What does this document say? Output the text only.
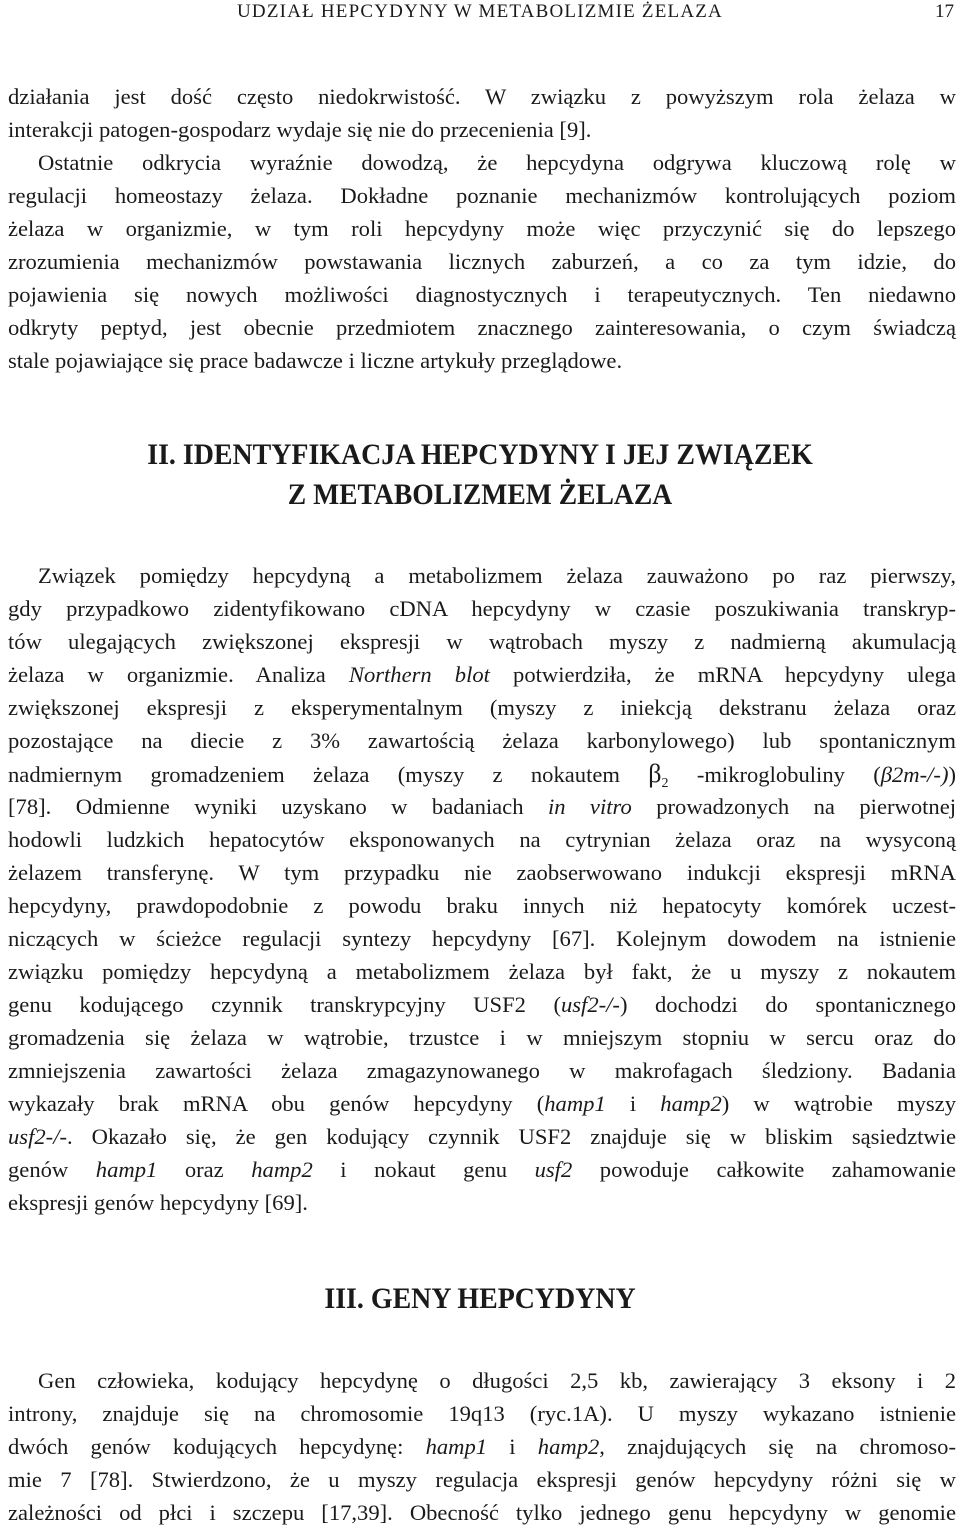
UDZIAŁ HEPCYDYNY W METABOLIZMIE ŻELAZA	17
działania jest dość często niedokrwistość. W związku z powyższym rola żelaza w
interakcji patogen-gospodarz wydaje się nie do przecenienia [9].
Ostatnie odkrycia wyraźnie dowodzą, że hepcydyna odgrywa kluczową rolę w
regulacji homeostazy żelaza. Dokładne poznanie mechanizmów kontrolujących poziom
żelaza w organizmie, w tym roli hepcydyny może więc przyczynić się do lepszego
zrozumienia mechanizmów powstawania licznych zaburzeń, a co za tym idzie, do
pojawienia się nowych możliwości diagnostycznych i terapeutycznych. Ten niedawno
odkryty peptyd, jest obecnie przedmiotem znacznego zainteresowania, o czym świadczą
stale pojawiające się prace badawcze i liczne artykuły przeglądowe.
II. IDENTYFIKACJA HEPCYDYNY I JEJ ZWIĄZEK
Z METABOLIZMEM ŻELAZA
Związek pomiędzy hepcydyną a metabolizmem żelaza zauważono po raz pierwszy,
gdy przypadkowo zidentyfikowano cDNA hepcydyny w czasie poszukiwania transkryp-
tów ulegających zwiększonej ekspresji w wątrobach myszy z nadmierną akumulacją
żelaza w organizmie. Analiza Northern blot potwierdziła, że mRNA hepcydyny ulega
zwiększonej ekspresji z eksperymentalnym (myszy z iniekcją dekstranu żelaza oraz
pozostające na diecie z 3% zawartością żelaza karbonylowego) lub spontanicznym
nadmiernym gromadzeniem żelaza (myszy z nokautem $\beta_2$ -mikroglobuliny (β2m-/-))
[78]. Odmienne wyniki uzyskano w badaniach in vitro prowadzonych na pierwotnej
hodowli ludzkich hepatocytów eksponowanych na cytrynian żelaza oraz na wysyconą
żelazem transferynę. W tym przypadku nie zaobserwowano indukcji ekspresji mRNA
hepcydyny, prawdopodobnie z powodu braku innych niż hepatocyty komórek uczest-
niczących w ścieżce regulacji syntezy hepcydyny [67]. Kolejnym dowodem na istnienie
związku pomiędzy hepcydyną a metabolizmem żelaza był fakt, że u myszy z nokautem
genu kodującego czynnik transkrypcyjny USF2 (usf2-/-) dochodzi do spontanicznego
gromadzenia się żelaza w wątrobie, trzustce i w mniejszym stopniu w sercu oraz do
zmniejszenia zawartości żelaza zmagazynowanego w makrofagach śledziony. Badania
wykazały brak mRNA obu genów hepcydyny (hamp1 i hamp2) w wątrobie myszy
usf2-/-. Okazało się, że gen kodujący czynnik USF2 znajduje się w bliskim sąsiedztwie
genów hamp1 oraz hamp2 i nokaut genu usf2 powoduje całkowite zahamowanie
ekspresji genów hepcydyny [69].
III. GENY HEPCYDYNY
Gen człowieka, kodujący hepcydynę o długości 2,5 kb, zawierający 3 eksony i 2
introny, znajduje się na chromosomie 19q13 (ryc.1A). U myszy wykazano istnienie
dwóch genów kodujących hepcydynę: hamp1 i hamp2, znajdujących się na chromoso-
mie 7 [78]. Stwierdzono, że u myszy regulacja ekspresji genów hepcydyny różni się w
zależności od płci i szczepu [17,39]. Obecność tylko jednego genu hepcydyny w genomie
